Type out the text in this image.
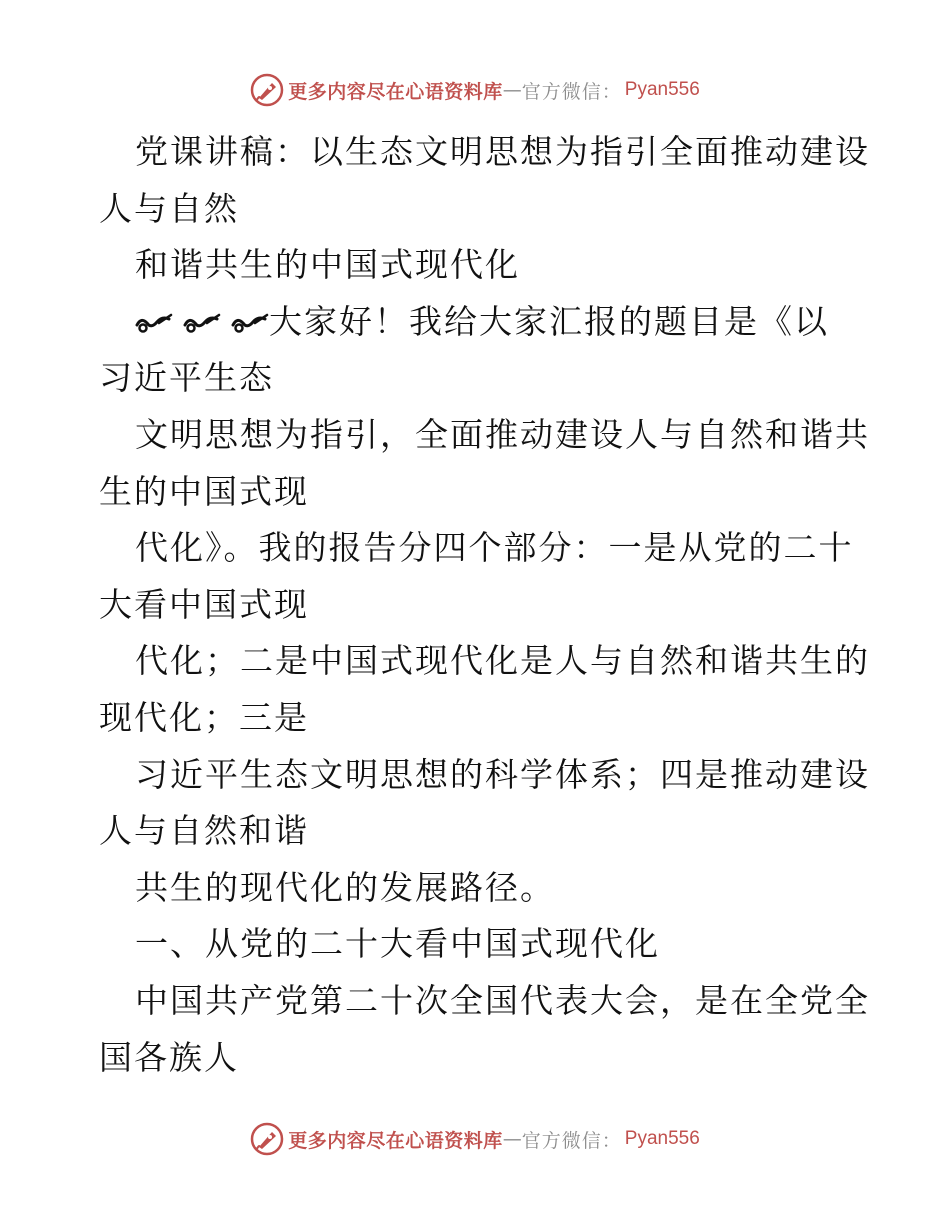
更多内容尽在心语资料库 — 官方微信 ： Pyan556
党课讲稿：以生态文明思想为指引全面推动建设
人与自然
和谐共生的中国式现代化
大家好！我给大家汇报的题目是《以
习近平生态
文明思想为指引，全面推动建设人与自然和谐共
生的中国式现
代化》。我的报告分四个部分：一是从党的二十
大看中国式现
代化；二是中国式现代化是人与自然和谐共生的
现代化；三是
习近平生态文明思想的科学体系；四是推动建设
人与自然和谐
共生的现代化的发展路径。
一、从党的二十大看中国式现代化
中国共产党第二十次全国代表大会，是在全党全
国各族人
更多内容尽在心语资料库 — 官方微信 ： Pyan556
